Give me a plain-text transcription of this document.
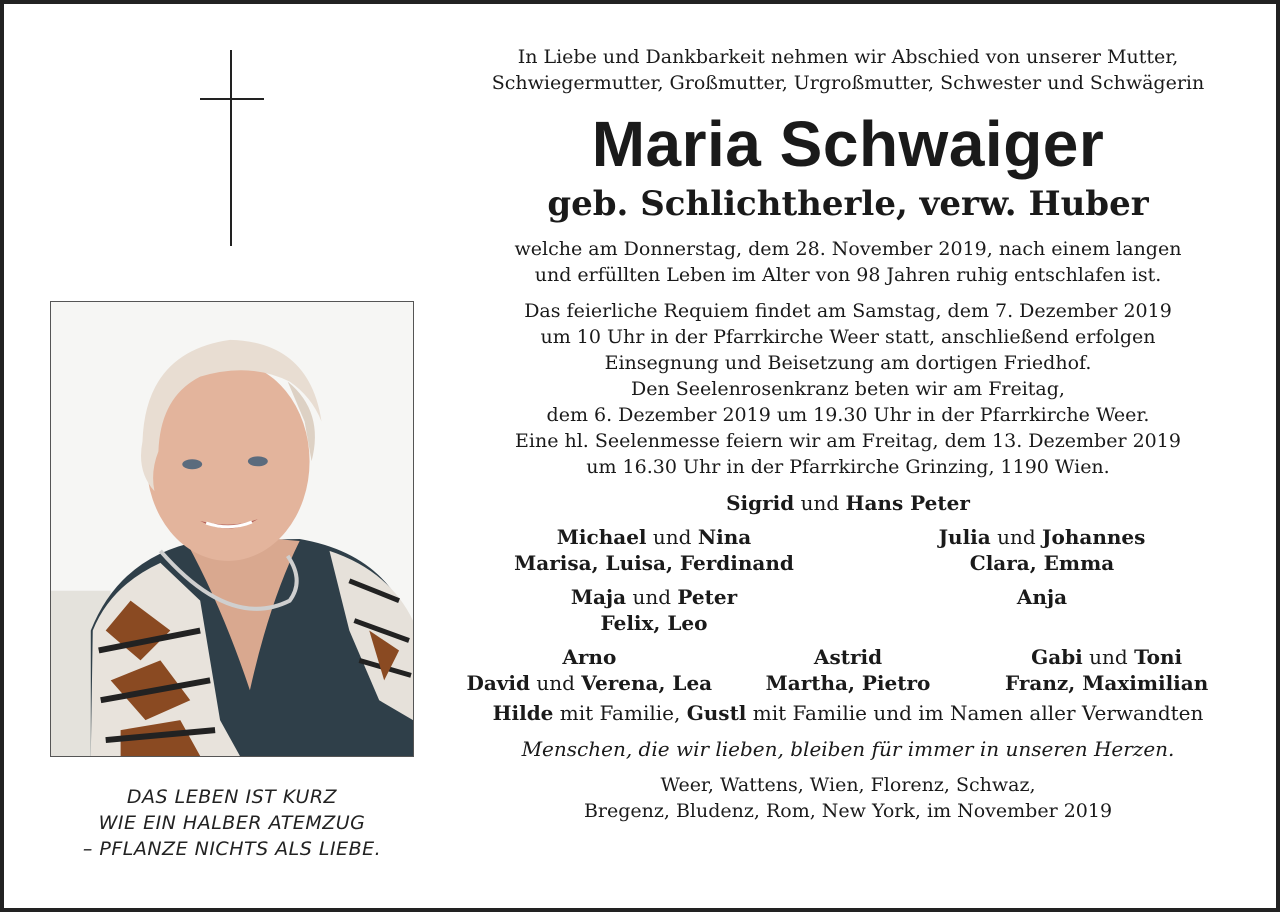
DAS LEBEN IST KURZ
WIE EIN HALBER ATEMZUG
– PFLANZE NICHTS ALS LIEBE.
In Liebe und Dankbarkeit nehmen wir Abschied von unserer Mutter,
Schwiegermutter, Großmutter, Urgroßmutter, Schwester und Schwägerin
Maria Schwaiger
geb. Schlichtherle, verw. Huber
welche am Donnerstag, dem 28. November 2019, nach einem langen
und erfüllten Leben im Alter von 98 Jahren ruhig entschlafen ist.
Das feierliche Requiem findet am Samstag, dem 7. Dezember 2019
um 10 Uhr in der Pfarrkirche Weer statt, anschließend erfolgen
Einsegnung und Beisetzung am dortigen Friedhof.
Den Seelenrosenkranz beten wir am Freitag,
dem 6. Dezember 2019 um 19.30 Uhr in der Pfarrkirche Weer.
Eine hl. Seelenmesse feiern wir am Freitag, dem 13. Dezember 2019
um 16.30 Uhr in der Pfarrkirche Grinzing, 1190 Wien.
Sigrid und Hans Peter
Michael und Nina
Marisa, Luisa, Ferdinand
Julia und Johannes
Clara, Emma
Maja und Peter
Felix, Leo
Anja
Arno
David und Verena, Lea
Astrid
Martha, Pietro
Gabi und Toni
Franz, Maximilian
Hilde mit Familie, Gustl mit Familie und im Namen aller Verwandten
Menschen, die wir lieben, bleiben für immer in unseren Herzen.
Weer, Wattens, Wien, Florenz, Schwaz,
Bregenz, Bludenz, Rom, New York, im November 2019
